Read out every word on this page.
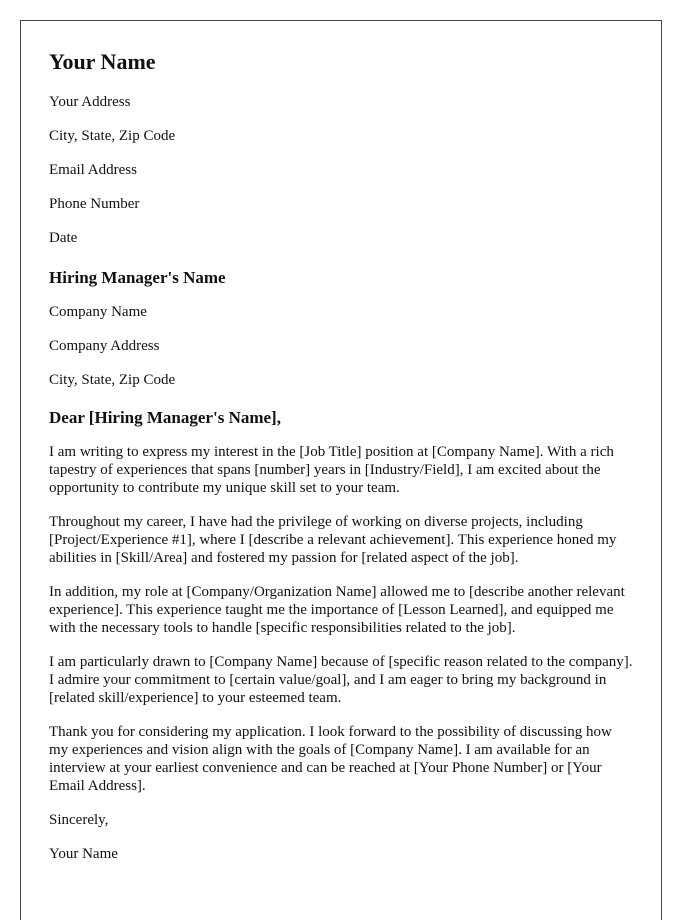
Your Name
Your Address
City, State, Zip Code
Email Address
Phone Number
Date
Hiring Manager's Name
Company Name
Company Address
City, State, Zip Code
Dear [Hiring Manager's Name],

I am writing to express my interest in the [Job Title] position at [Company Name]. With a rich tapestry of experiences that spans [number] years in [Industry/Field], I am excited about the opportunity to contribute my unique skill set to your team.

Throughout my career, I have had the privilege of working on diverse projects, including [Project/Experience #1], where I [describe a relevant achievement]. This experience honed my abilities in [Skill/Area] and fostered my passion for [related aspect of the job].

In addition, my role at [Company/Organization Name] allowed me to [describe another relevant experience]. This experience taught me the importance of [Lesson Learned], and equipped me with the necessary tools to handle [specific responsibilities related to the job].

I am particularly drawn to [Company Name] because of [specific reason related to the company]. I admire your commitment to [certain value/goal], and I am eager to bring my background in [related skill/experience] to your esteemed team.

Thank you for considering my application. I look forward to the possibility of discussing how my experiences and vision align with the goals of [Company Name]. I am available for an interview at your earliest convenience and can be reached at [Your Phone Number] or [Your Email Address].

Sincerely,
Your Name
